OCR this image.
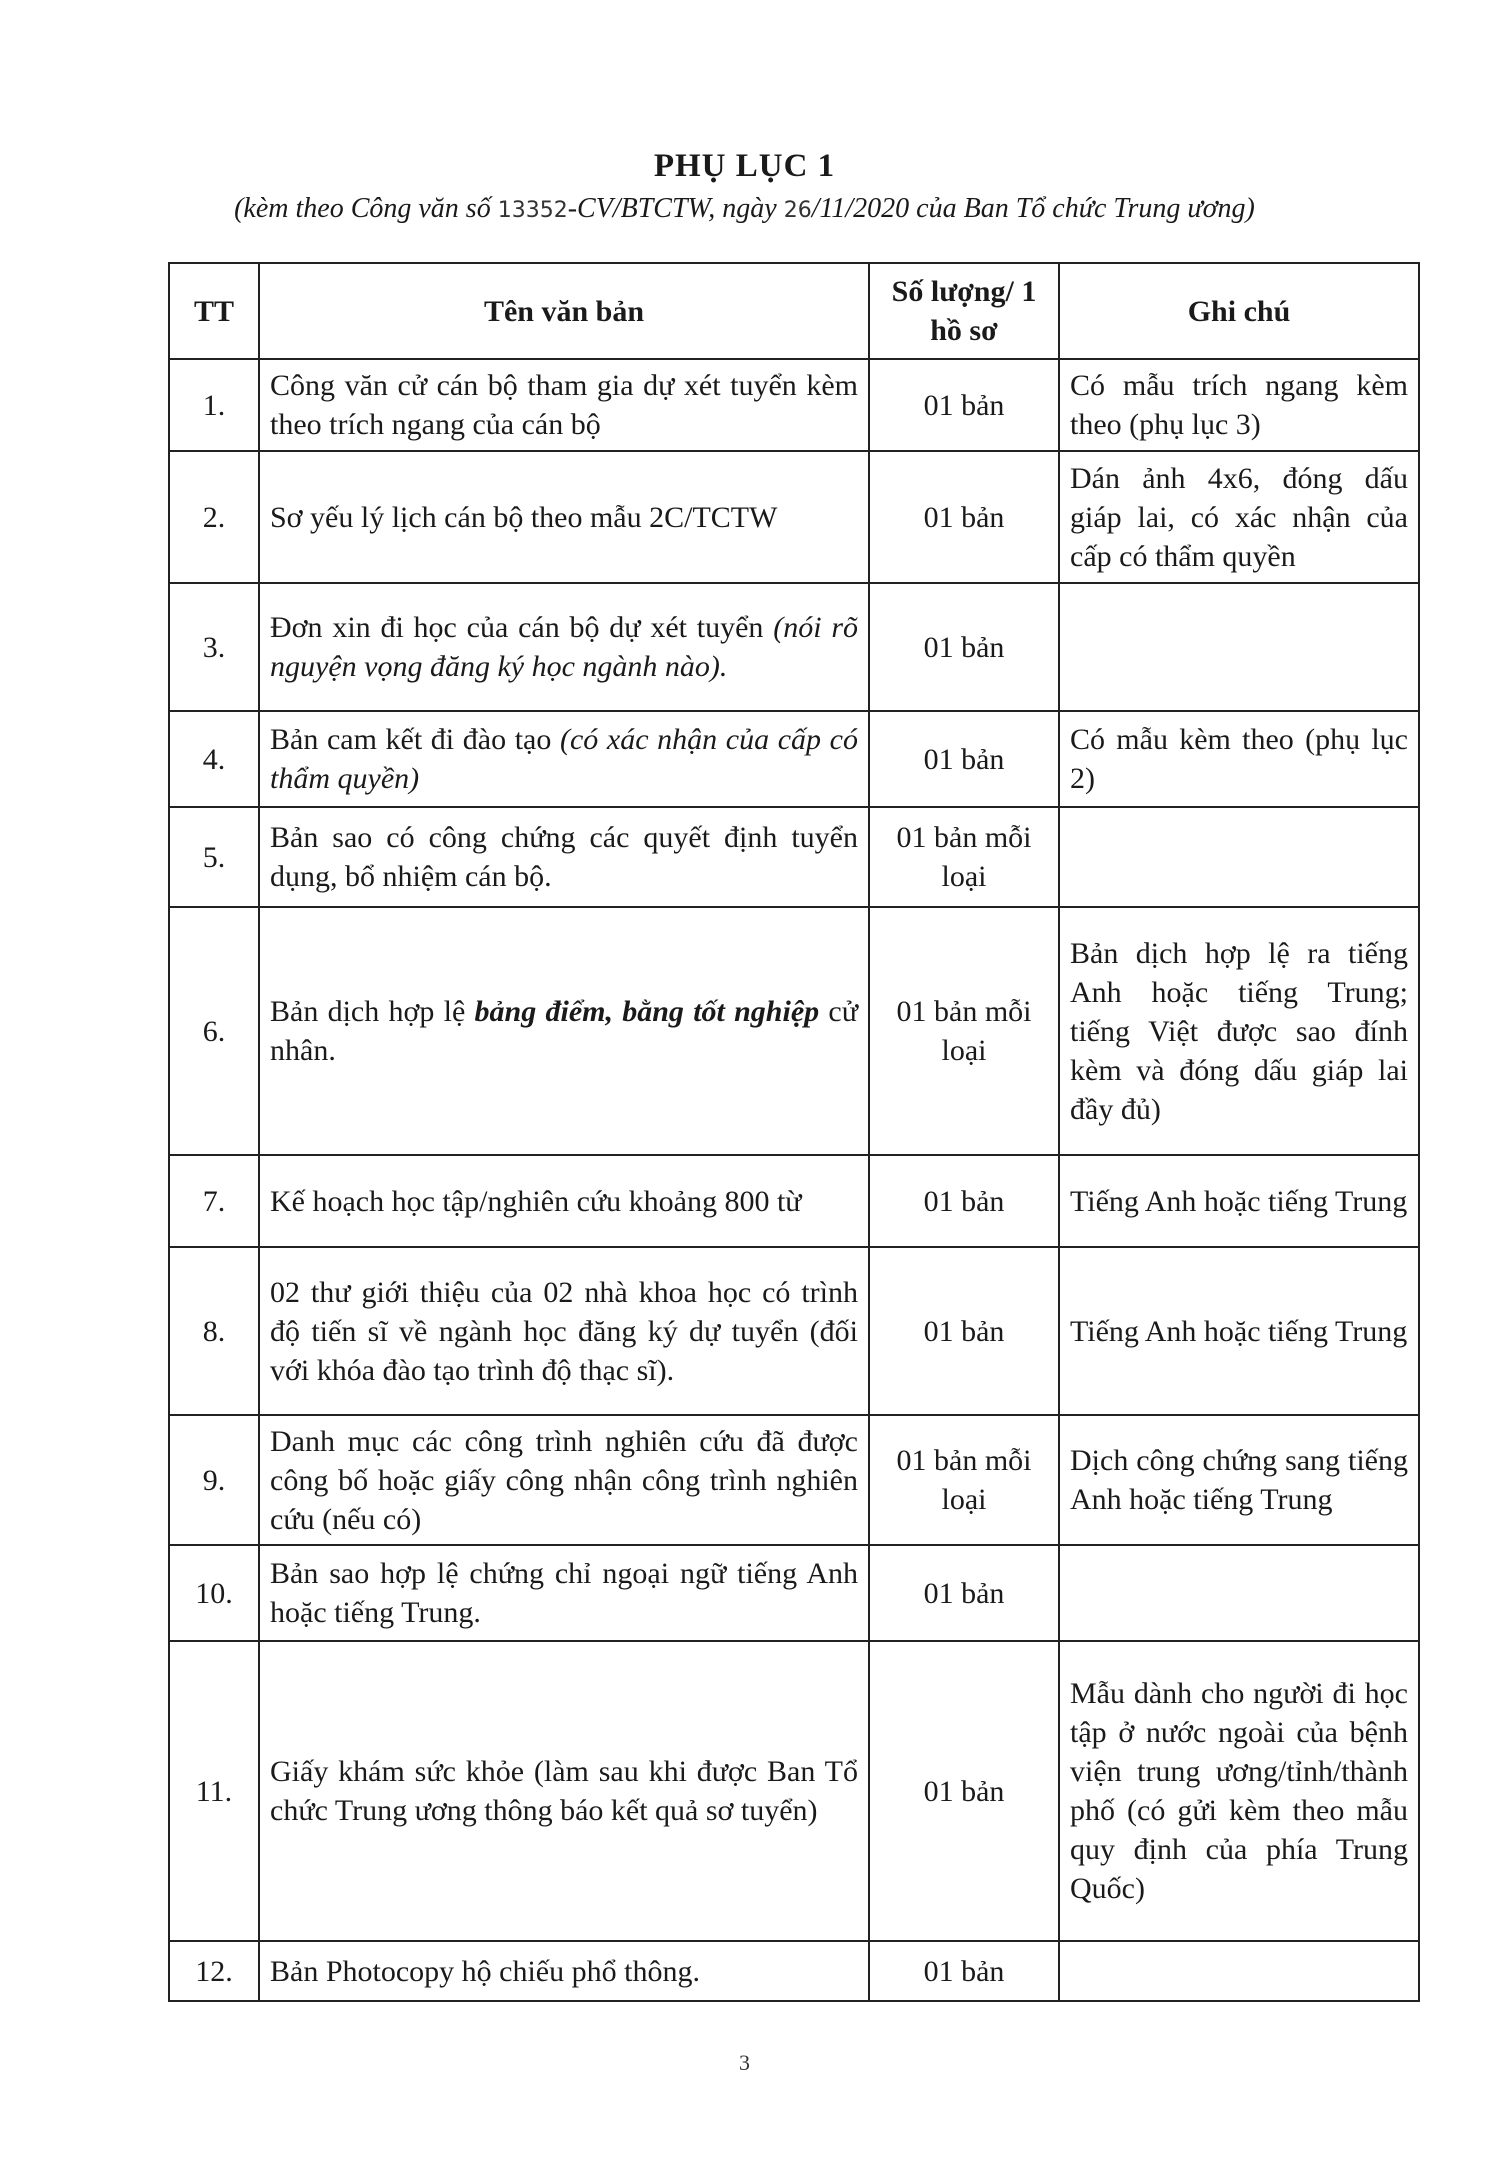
PHỤ LỤC 1
(kèm theo Công văn số 13352-CV/BTCTW, ngày 26/11/2020 của Ban Tổ chức Trung ương)
TT	Tên văn bản	Số lượng/ 1 hồ sơ	Ghi chú
1.	Công văn cử cán bộ tham gia dự xét tuyển kèm theo trích ngang của cán bộ	01 bản	Có mẫu trích ngang kèm theo (phụ lục 3)
2.	Sơ yếu lý lịch cán bộ theo mẫu 2C/TCTW	01 bản	Dán ảnh 4x6, đóng dấu giáp lai, có xác nhận của cấp có thẩm quyền
3.	Đơn xin đi học của cán bộ dự xét tuyển (nói rõ nguyện vọng đăng ký học ngành nào).	01 bản	
4.	Bản cam kết đi đào tạo (có xác nhận của cấp có thẩm quyền)	01 bản	Có mẫu kèm theo (phụ lục 2)
5.	Bản sao có công chứng các quyết định tuyển dụng, bổ nhiệm cán bộ.	01 bản mỗi loại	
6.	Bản dịch hợp lệ bảng điểm, bằng tốt nghiệp cử nhân.	01 bản mỗi loại	Bản dịch hợp lệ ra tiếng Anh hoặc tiếng Trung; tiếng Việt được sao đính kèm và đóng dấu giáp lai đầy đủ)
7.	Kế hoạch học tập/nghiên cứu khoảng 800 từ	01 bản	Tiếng Anh hoặc tiếng Trung
8.	02 thư giới thiệu của 02 nhà khoa học có trình độ tiến sĩ về ngành học đăng ký dự tuyển (đối với khóa đào tạo trình độ thạc sĩ).	01 bản	Tiếng Anh hoặc tiếng Trung
9.	Danh mục các công trình nghiên cứu đã được công bố hoặc giấy công nhận công trình nghiên cứu (nếu có)	01 bản mỗi loại	Dịch công chứng sang tiếng Anh hoặc tiếng Trung
10.	Bản sao hợp lệ chứng chỉ ngoại ngữ tiếng Anh hoặc tiếng Trung.	01 bản	
11.	Giấy khám sức khỏe (làm sau khi được Ban Tổ chức Trung ương thông báo kết quả sơ tuyển)	01 bản	Mẫu dành cho người đi học tập ở nước ngoài của bệnh viện trung ương/tỉnh/thành phố (có gửi kèm theo mẫu quy định của phía Trung Quốc)
12.	Bản Photocopy hộ chiếu phổ thông.	01 bản	
3
